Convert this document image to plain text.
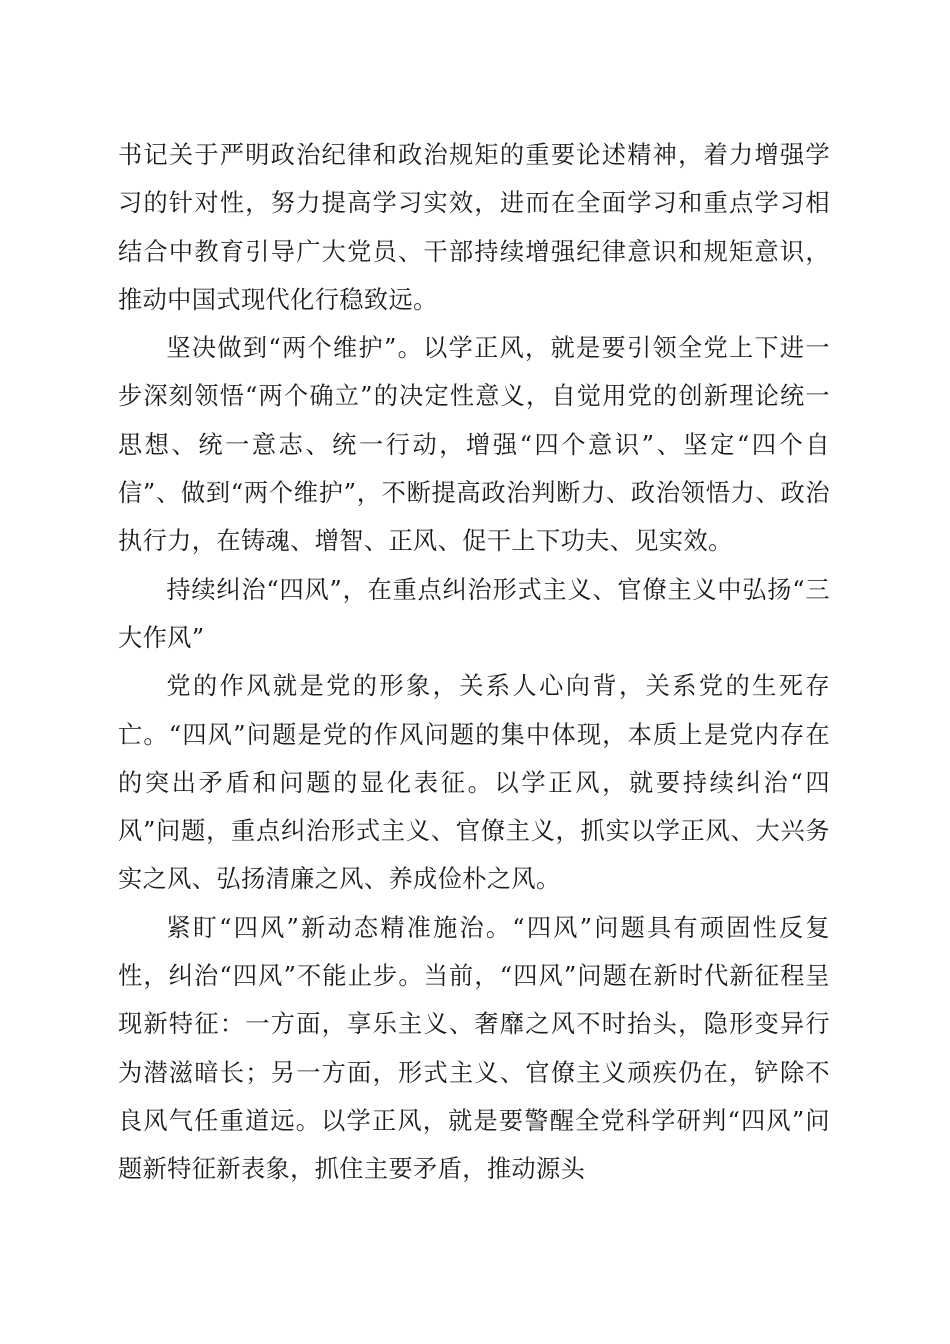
书记关于严明政治纪律和政治规矩的重要论述精神，着力增强学习的针对性，努力提高学习实效，进而在全面学习和重点学习相结合中教育引导广大党员、干部持续增强纪律意识和规矩意识，推动中国式现代化行稳致远。

坚决做到“两个维护”。以学正风，就是要引领全党上下进一步深刻领悟“两个确立”的决定性意义，自觉用党的创新理论统一思想、统一意志、统一行动，增强“四个意识”、坚定“四个自信”、做到“两个维护”，不断提高政治判断力、政治领悟力、政治执行力，在铸魂、增智、正风、促干上下功夫、见实效。

持续纠治“四风”，在重点纠治形式主义、官僚主义中弘扬“三大作风”

党的作风就是党的形象，关系人心向背，关系党的生死存亡。“四风”问题是党的作风问题的集中体现，本质上是党内存在的突出矛盾和问题的显化表征。以学正风，就要持续纠治“四风”问题，重点纠治形式主义、官僚主义，抓实以学正风、大兴务实之风、弘扬清廉之风、养成俭朴之风。

紧盯“四风”新动态精准施治。“四风”问题具有顽固性反复性，纠治“四风”不能止步。当前，“四风”问题在新时代新征程呈现新特征：一方面，享乐主义、奢靡之风不时抬头，隐形变异行为潜滋暗长；另一方面，形式主义、官僚主义顽疾仍在，铲除不良风气任重道远。以学正风，就是要警醒全党科学研判“四风”问题新特征新表象，抓住主要矛盾，推动源头
